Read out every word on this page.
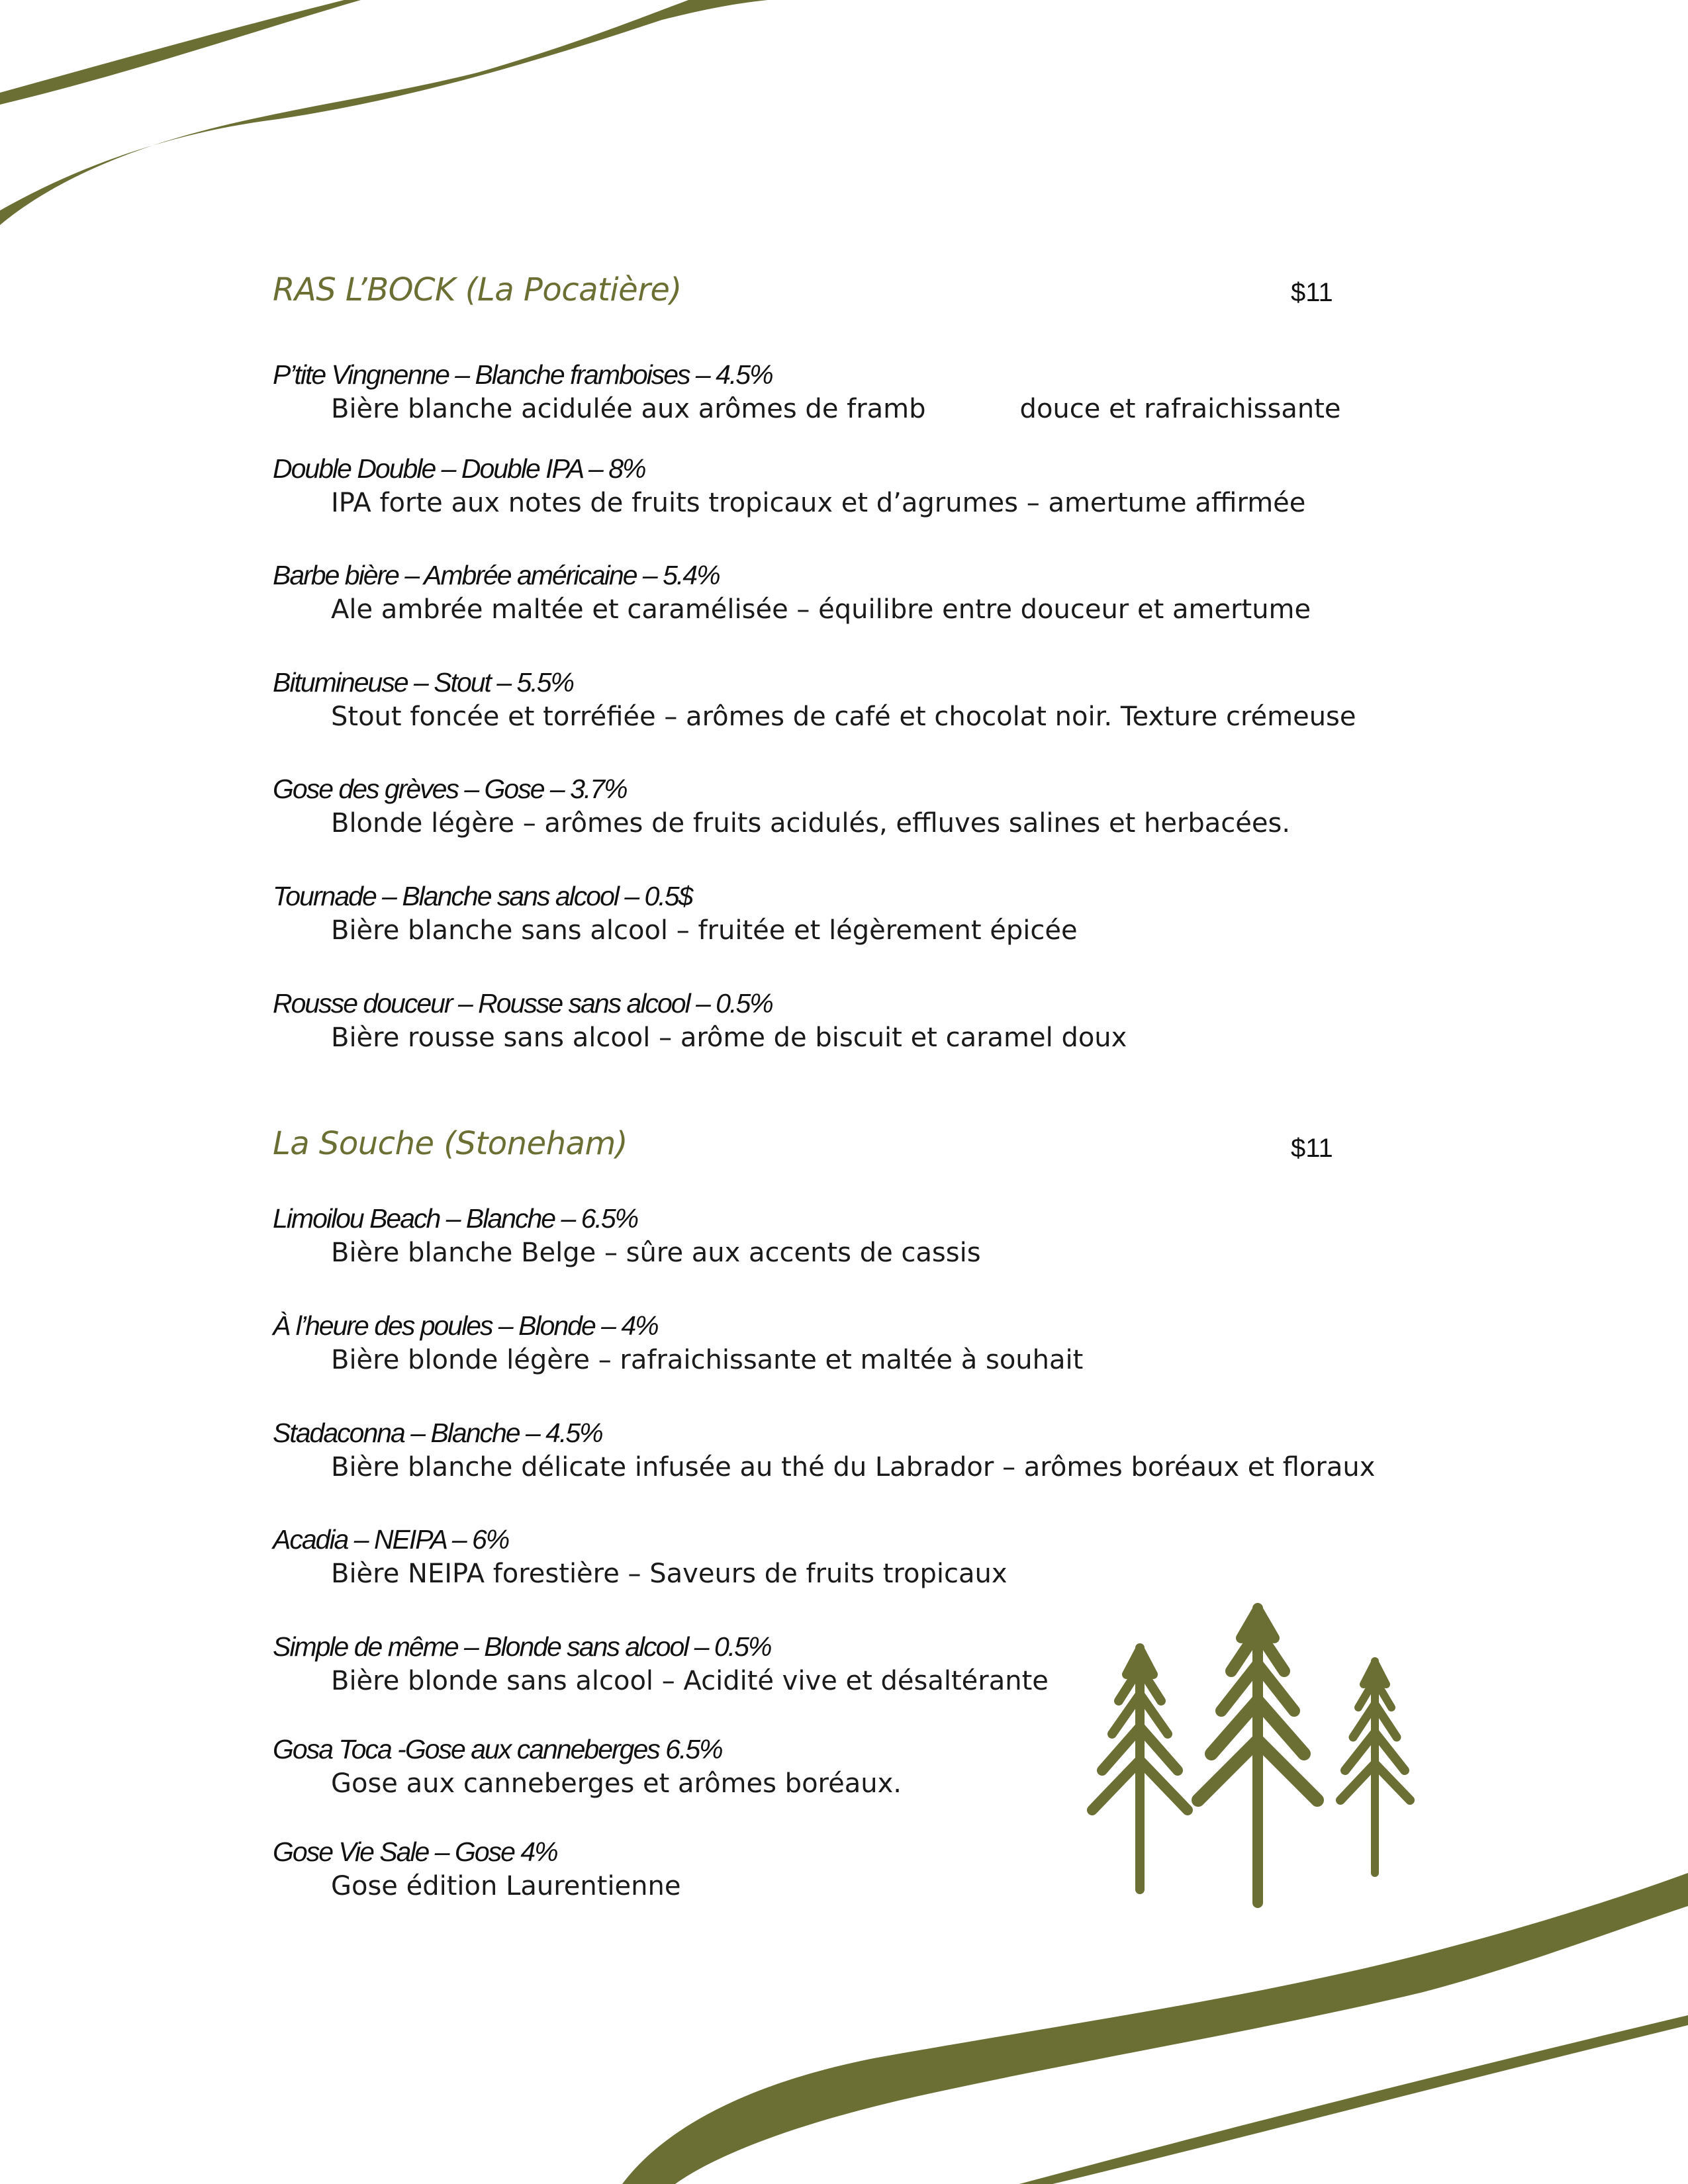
RAS L’BOCK (La Pocatière)	$11
P’tite Vingnenne – Blanche framboises – 4.5%
Bière blanche acidulée aux arômes de framb	douce et rafraichissante
Double Double – Double IPA – 8%
IPA forte aux notes de fruits tropicaux et d’agrumes – amertume affirmée
Barbe bière – Ambrée américaine – 5.4%
Ale ambrée maltée et caramélisée – équilibre entre douceur et amertume
Bitumineuse – Stout – 5.5%
Stout foncée et torréfiée – arômes de café et chocolat noir. Texture crémeuse
Gose des grèves – Gose – 3.7%
Blonde légère – arômes de fruits acidulés, effluves salines et herbacées.
Tournade – Blanche sans alcool – 0.5$
Bière blanche sans alcool – fruitée et légèrement épicée
Rousse douceur – Rousse sans alcool – 0.5%
Bière rousse sans alcool – arôme de biscuit et caramel doux
La Souche (Stoneham)	$11
Limoilou Beach – Blanche – 6.5%
Bière blanche Belge – sûre aux accents de cassis
À l’heure des poules – Blonde – 4%
Bière blonde légère – rafraichissante et maltée à souhait
Stadaconna – Blanche – 4.5%
Bière blanche délicate infusée au thé du Labrador – arômes boréaux et floraux
Acadia – NEIPA – 6%
Bière NEIPA forestière – Saveurs de fruits tropicaux
Simple de même – Blonde sans alcool – 0.5%
Bière blonde sans alcool – Acidité vive et désaltérante
Gosa Toca -Gose aux canneberges 6.5%
Gose aux canneberges et arômes boréaux.
Gose Vie Sale – Gose 4%
Gose édition Laurentienne
